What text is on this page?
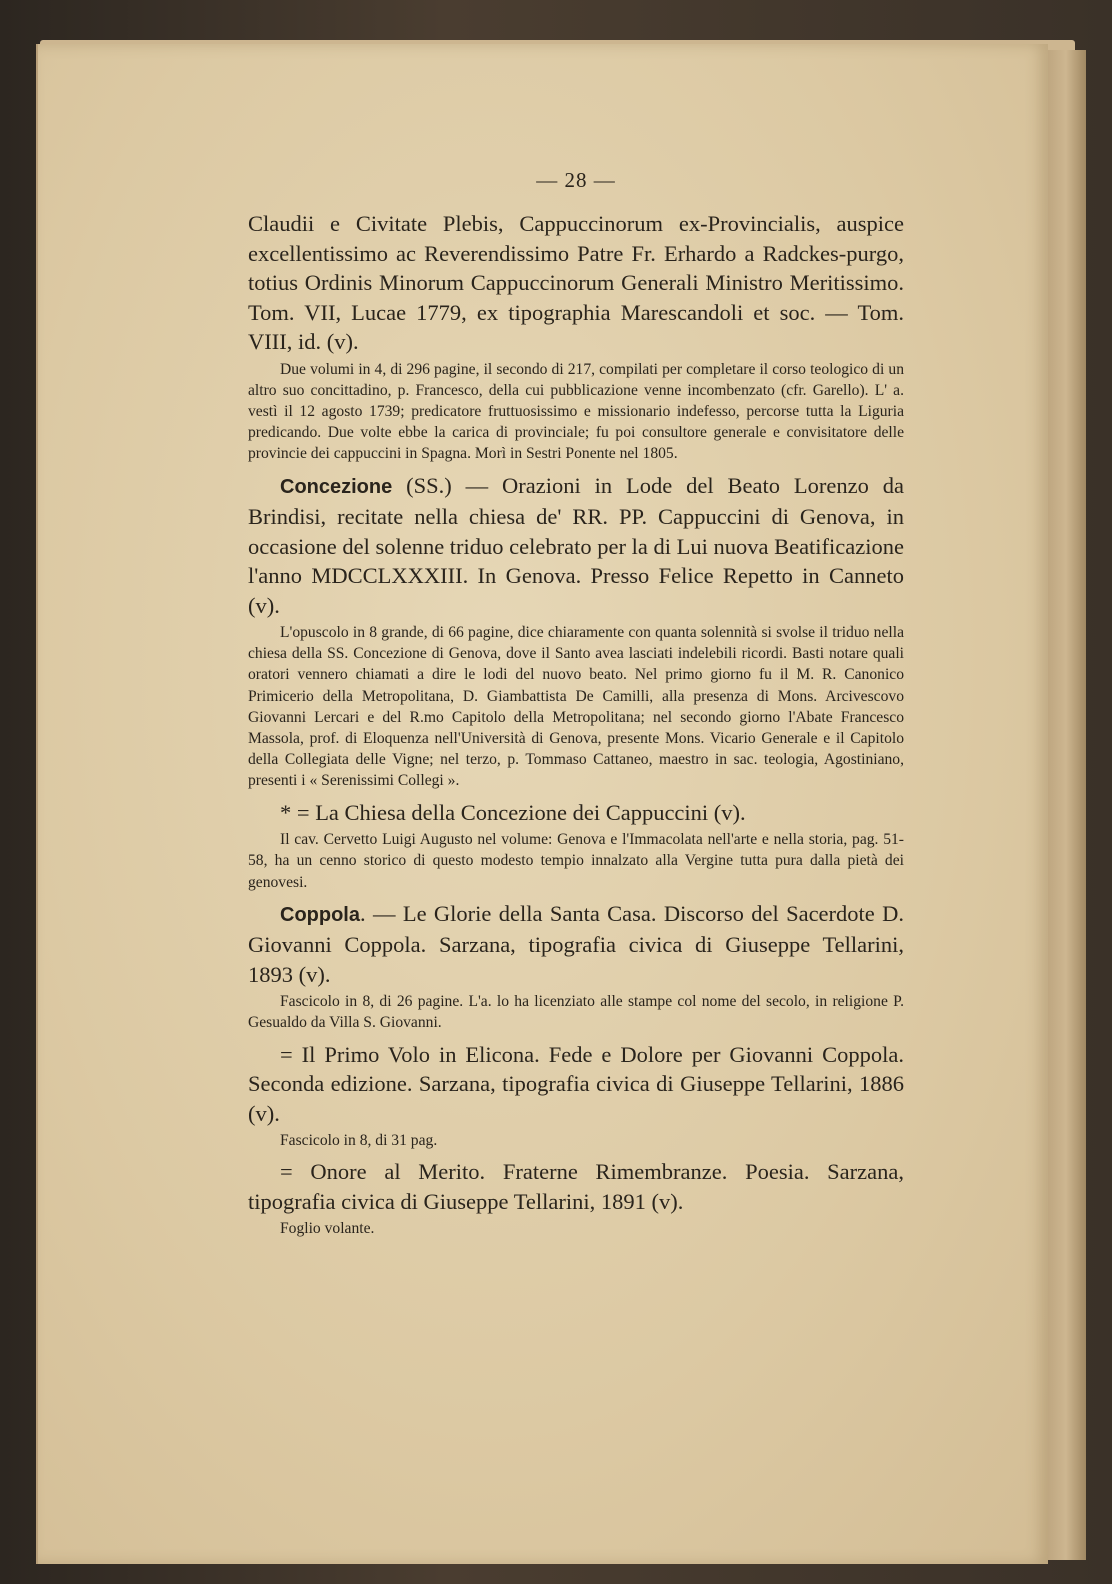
— 28 —

Claudii e Civitate Plebis, Cappuccinorum ex-Provincialis, auspice excellentissimo ac Reverendissimo Patre Fr. Erhardo a Radckes-purgo, totius Ordinis Minorum Cappuccinorum Generali Ministro Meritissimo. Tom. VII, Lucae 1779, ex tipographia Marescandoli et soc. — Tom. VIII, id. (v).

Due volumi in 4, di 296 pagine, il secondo di 217, compilati per completare il corso teologico di un altro suo concittadino, p. Francesco, della cui pubblicazione venne incombenzato (cfr. Garello). L' a. vestì il 12 agosto 1739; predicatore fruttuosissimo e missionario indefesso, percorse tutta la Liguria predicando. Due volte ebbe la carica di provinciale; fu poi consultore generale e convisitatore delle provincie dei cappuccini in Spagna. Morì in Sestri Ponente nel 1805.

Concezione (SS.) — Orazioni in Lode del Beato Lorenzo da Brindisi, recitate nella chiesa de' RR. PP. Cappuccini di Genova, in occasione del solenne triduo celebrato per la di Lui nuova Beatificazione l'anno MDCCLXXXIII. In Genova. Presso Felice Repetto in Canneto (v).

L'opuscolo in 8 grande, di 66 pagine, dice chiaramente con quanta solennità si svolse il triduo nella chiesa della SS. Concezione di Genova, dove il Santo avea lasciati indelebili ricordi. Basti notare quali oratori vennero chiamati a dire le lodi del nuovo beato. Nel primo giorno fu il M. R. Canonico Primicerio della Metropolitana, D. Giambattista De Camilli, alla presenza di Mons. Arcivescovo Giovanni Lercari e del R.mo Capitolo della Metropolitana; nel secondo giorno l'Abate Francesco Massola, prof. di Eloquenza nell'Università di Genova, presente Mons. Vicario Generale e il Capitolo della Collegiata delle Vigne; nel terzo, p. Tommaso Cattaneo, maestro in sac. teologia, Agostiniano, presenti i « Serenissimi Collegi ».

* = La Chiesa della Concezione dei Cappuccini (v).

Il cav. Cervetto Luigi Augusto nel volume: Genova e l'Immacolata nell'arte e nella storia, pag. 51-58, ha un cenno storico di questo modesto tempio innalzato alla Vergine tutta pura dalla pietà dei genovesi.

Coppola. — Le Glorie della Santa Casa. Discorso del Sacerdote D. Giovanni Coppola. Sarzana, tipografia civica di Giuseppe Tellarini, 1893 (v).

Fascicolo in 8, di 26 pagine. L'a. lo ha licenziato alle stampe col nome del secolo, in religione P. Gesualdo da Villa S. Giovanni.

= Il Primo Volo in Elicona. Fede e Dolore per Giovanni Coppola. Seconda edizione. Sarzana, tipografia civica di Giuseppe Tellarini, 1886 (v).

Fascicolo in 8, di 31 pag.

= Onore al Merito. Fraterne Rimembranze. Poesia. Sarzana, tipografia civica di Giuseppe Tellarini, 1891 (v).

Foglio volante.
